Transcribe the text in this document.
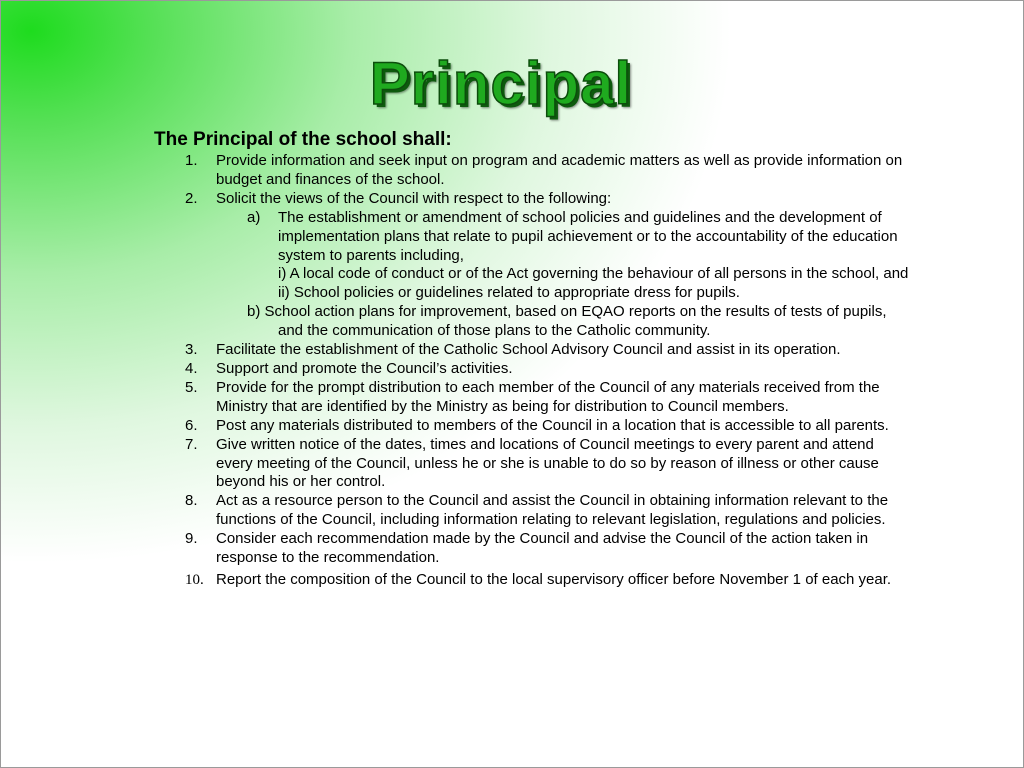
Principal
The Principal of the school shall:
1.	Provide information and seek input on program and academic matters as well as provide information on budget and finances of the school.
2.	Solicit the views of the Council with respect to the following:
a)	The establishment or amendment of school policies and guidelines and the development of implementation plans that relate to pupil achievement or to the accountability of the education system to parents including,
i) A local code of conduct or of the Act governing the behaviour of all persons in the school, and
ii) School policies or guidelines related to appropriate dress for pupils.
b) School action plans for improvement, based on EQAO reports on the results of tests of pupils, and the communication of those plans to the Catholic community.
3.	Facilitate the establishment of the Catholic School Advisory Council and assist in its operation.
4.	Support and promote the Council’s activities.
5.	Provide for the prompt distribution to each member of the Council of any materials received from the Ministry that are identified by the Ministry as being for distribution to Council members.
6.	Post any materials distributed to members of the Council in a location that is accessible to all parents.
7.	Give written notice of the dates, times and locations of Council meetings to every parent and attend every meeting of the Council, unless he or she is unable to do so by reason of illness or other cause beyond his or her control.
8.	Act as a resource person to the Council and assist the Council in obtaining information relevant to the functions of the Council, including information relating to relevant legislation, regulations and policies.
9.	Consider each recommendation made by the Council and advise the Council of the action taken in response to the recommendation.
10. Report the composition of the Council to the local supervisory officer before November 1 of each year.
